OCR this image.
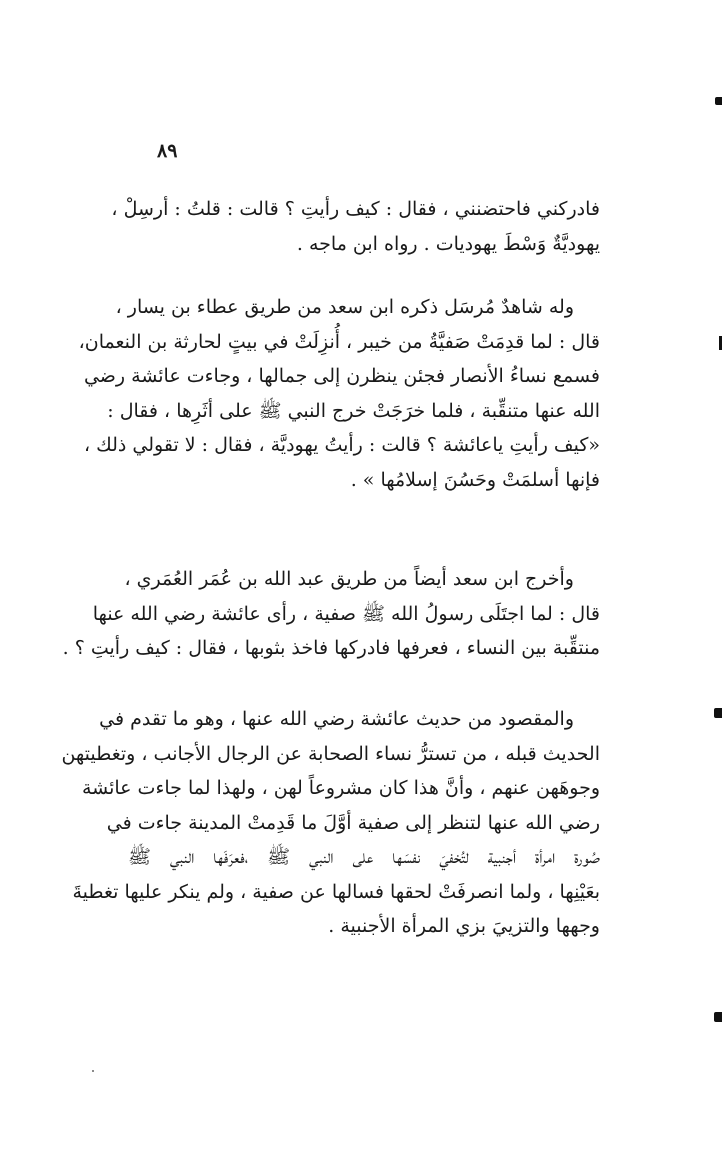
٨٩
فادركني فاحتضنني ، فقال : كيف رأيتِ ؟ قالت : قلتُ : أرسِلْ ،
يهوديَّةٌ وَسْطَ يهوديات . رواه ابن ماجه .
وله شاهدٌ مُرسَل ذكره ابن سعد من طريق عطاء بن يسار ،
قال : لما قدِمَتْ صَفيَّةُ من خيبر ، أُنزِلَتْ في بيتٍ لحارثة بن النعمان،
فسمع نساءُ الأنصار فجئن ينظرن إلى جمالها ، وجاءت عائشة رضي
الله عنها متنقِّبة ، فلما خرَجَتْ خرج النبي ﷺ على أثَرِها ، فقال :
«كيف رأيتِ ياعائشة ؟ قالت : رأيتُ يهوديَّة ، فقال : لا تقولي ذلك ،
فإنها أسلمَتْ وحَسُنَ إسلامُها » .
وأخرج ابن سعد أيضاً من طريق عبد الله بن عُمَر العُمَري ،
قال : لما اجتَلَى رسولُ الله ﷺ صفية ، رأى عائشة رضي الله عنها
منتقِّبة بين النساء ، فعرفها فادركها فاخذ بثوبها ، فقال : كيف رأيتِ ؟ .
والمقصود من حديث عائشة رضي الله عنها ، وهو ما تقدم في
الحديث قبله ، من تسترُّ نساء الصحابة عن الرجال الأجانب ، وتغطيتهن
وجوهَهن عنهم ، وأنَّ هذا كان مشروعاً لهن ، ولهذا لما جاءت عائشة
رضي الله عنها لتنظر إلى صفية أوَّلَ ما قَدِمتْ المدينة جاءت في
صُورة امرأة أجنبية لتُخفيَ نفسَها على النبي ﷺ ،فعرَفَها النبي ﷺ
بعَيْنِها ، ولما انصرفَتْ لحقها فسالها عن صفية ، ولم ينكر عليها تغطيةَ
وجهها والتزييَ بزي المرأة الأجنبية .
